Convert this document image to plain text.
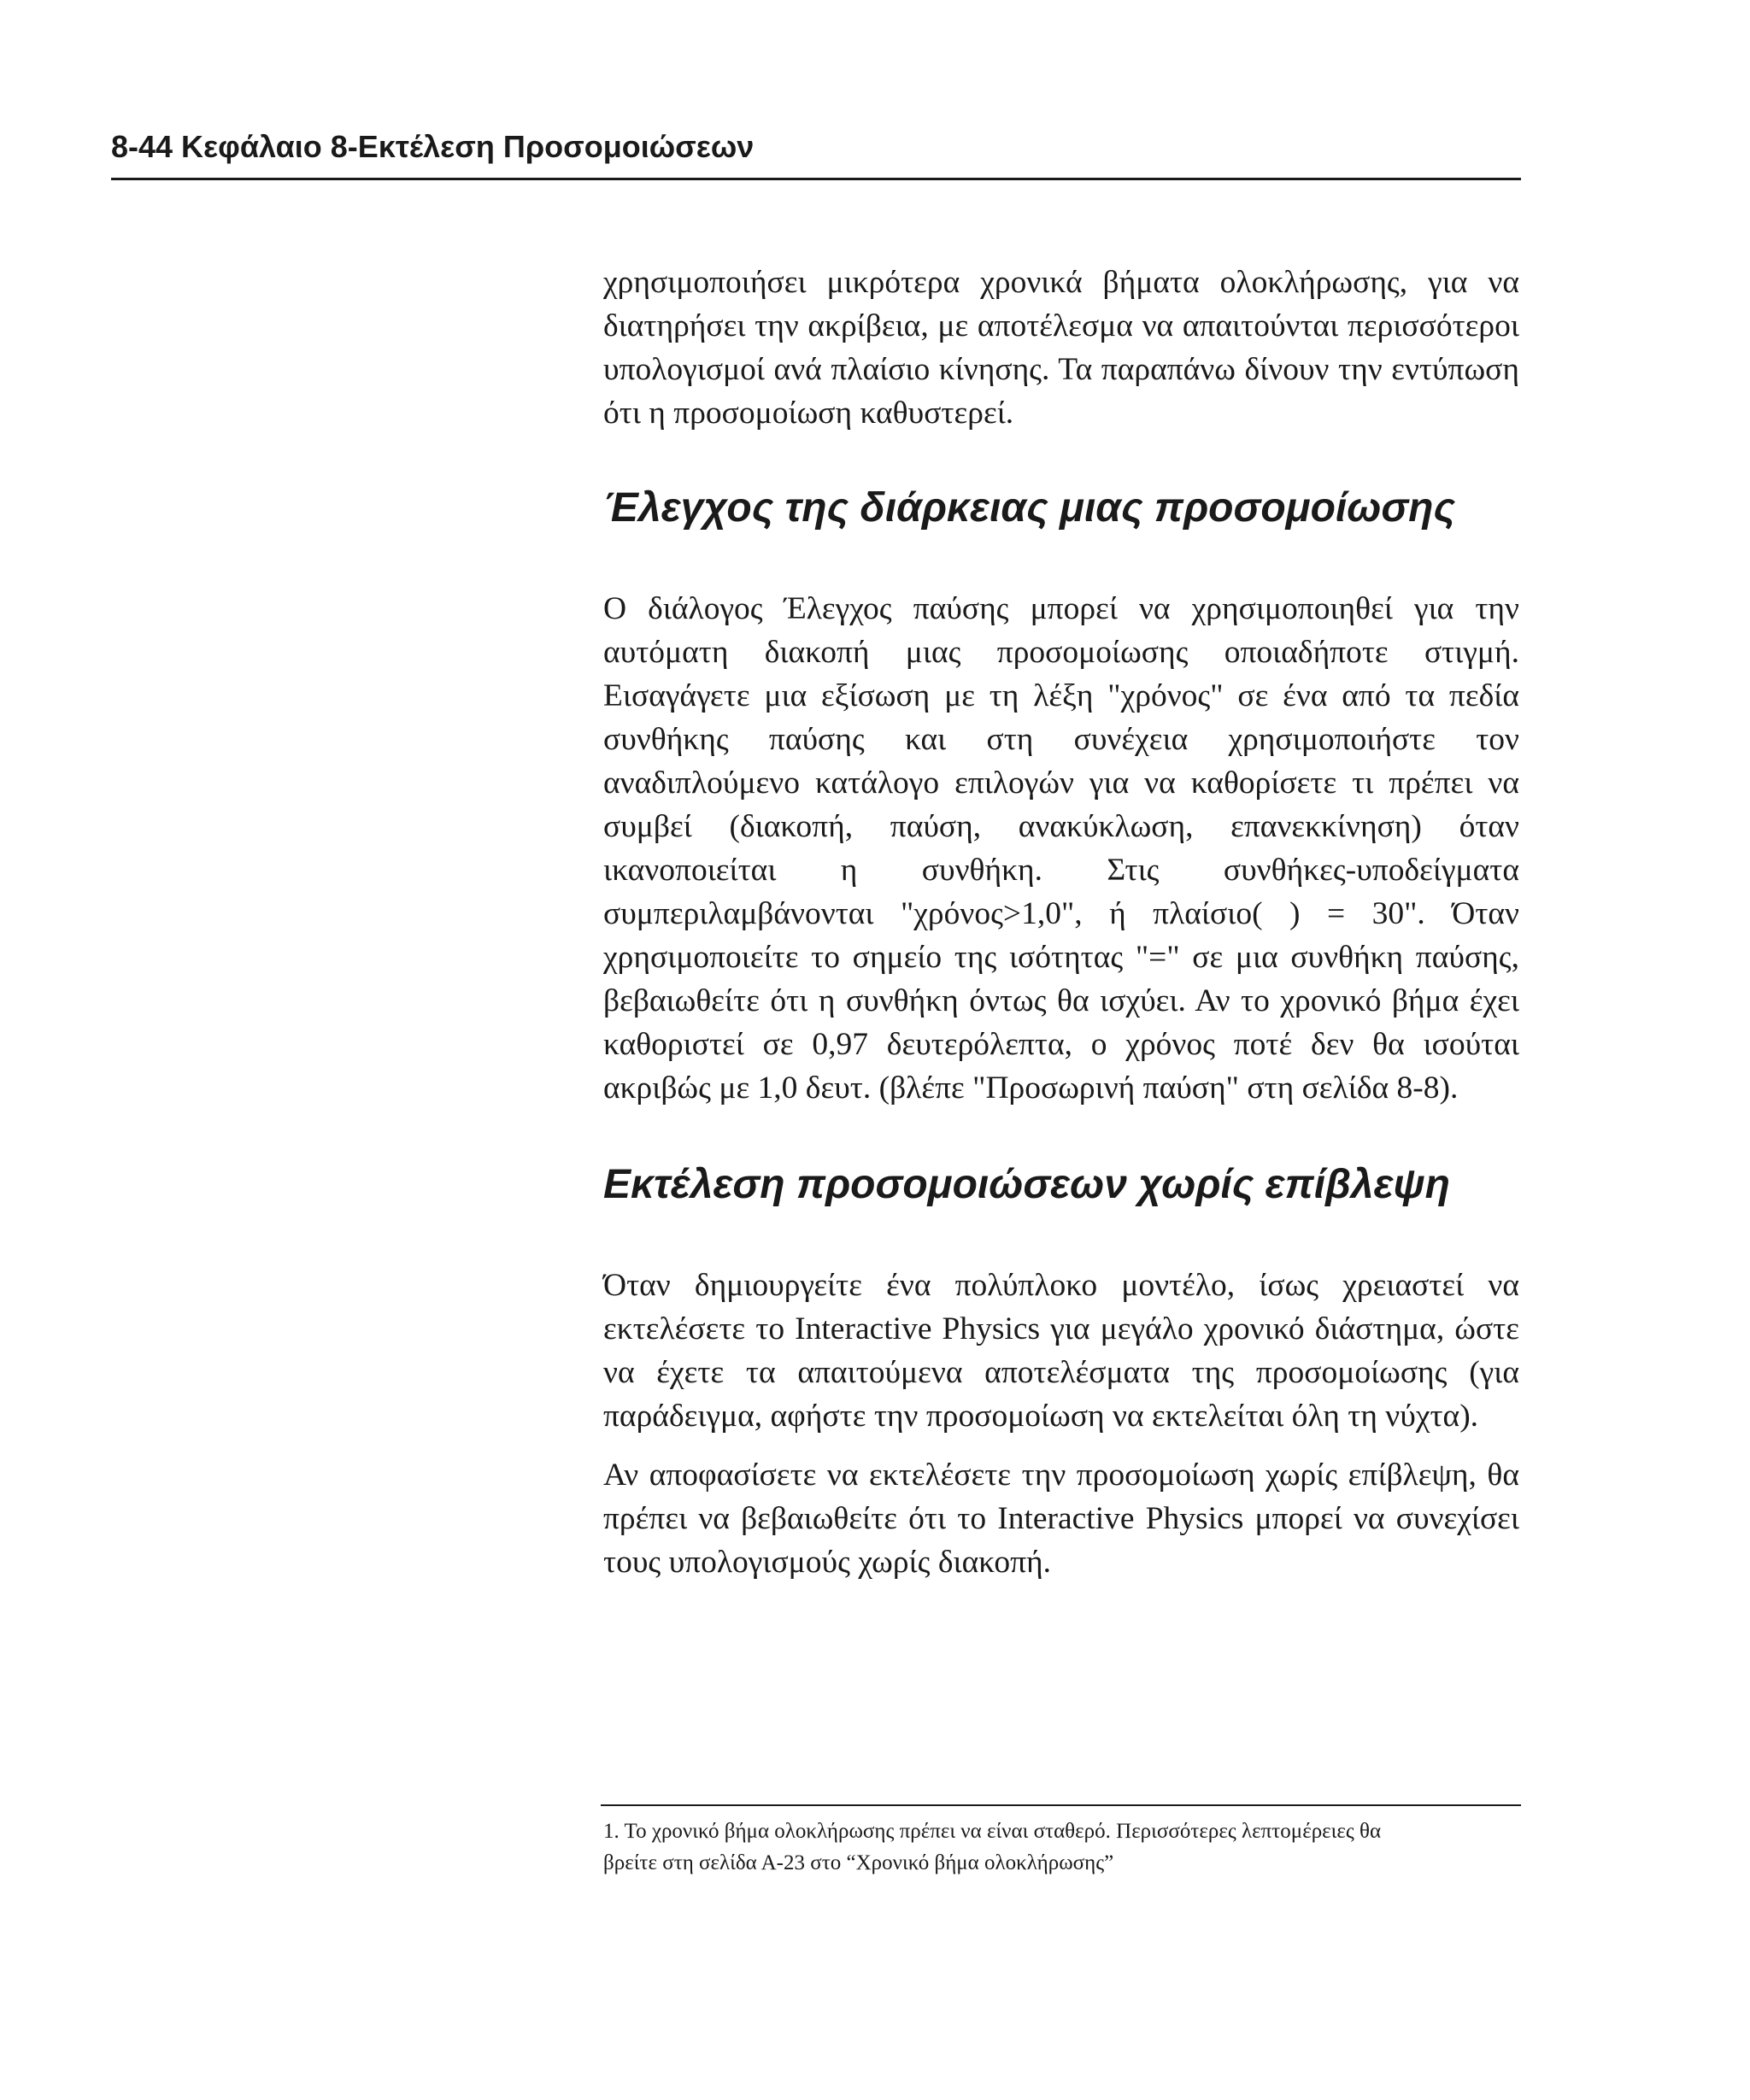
8-44 Κεφάλαιο 8-Εκτέλεση Προσομοιώσεων

χρησιμοποιήσει μικρότερα χρονικά βήματα ολοκλήρωσης, για να διατηρήσει την ακρίβεια, με αποτέλεσμα να απαιτούνται περισσότεροι υπολογισμοί ανά πλαίσιο κίνησης. Τα παραπάνω δίνουν την εντύπωση ότι η προσομοίωση καθυστερεί.

Έλεγχος της διάρκειας μιας προσομοίωσης

Ο διάλογος Έλεγχος παύσης μπορεί να χρησιμοποιηθεί για την αυτόματη διακοπή μιας προσομοίωσης οποιαδήποτε στιγμή. Εισαγάγετε μια εξίσωση με τη λέξη "χρόνος" σε ένα από τα πεδία συνθήκης παύσης και στη συνέχεια χρησιμοποιήστε τον αναδιπλούμενο κατάλογο επιλογών για να καθορίσετε τι πρέπει να συμβεί (διακοπή, παύση, ανακύκλωση, επανεκκίνηση) όταν ικανοποιείται η συνθήκη. Στις συνθήκες-υποδείγματα συμπεριλαμβάνονται "χρόνος>1,0", ή πλαίσιο( ) = 30". Όταν χρησιμοποιείτε το σημείο της ισότητας "=" σε μια συνθήκη παύσης, βεβαιωθείτε ότι η συνθήκη όντως θα ισχύει. Αν το χρονικό βήμα έχει καθοριστεί σε 0,97 δευτερόλεπτα, ο χρόνος ποτέ δεν θα ισούται ακριβώς με 1,0 δευτ. (βλέπε "Προσωρινή παύση" στη σελίδα 8-8).

Εκτέλεση προσομοιώσεων χωρίς επίβλεψη

Όταν δημιουργείτε ένα πολύπλοκο μοντέλο, ίσως χρειαστεί να εκτελέσετε το Interactive Physics για μεγάλο χρονικό διάστημα, ώστε να έχετε τα απαιτούμενα αποτελέσματα της προσομοίωσης (για παράδειγμα, αφήστε την προσομοίωση να εκτελείται όλη τη νύχτα).

Αν αποφασίσετε να εκτελέσετε την προσομοίωση χωρίς επίβλεψη, θα πρέπει να βεβαιωθείτε ότι το Interactive Physics μπορεί να συνεχίσει τους υπολογισμούς χωρίς διακοπή.

1. Το χρονικό βήμα ολοκλήρωσης πρέπει να είναι σταθερό. Περισσότερες λεπτομέρειες θα
βρείτε στη σελίδα Α-23 στο “Χρονικό βήμα ολοκλήρωσης”
